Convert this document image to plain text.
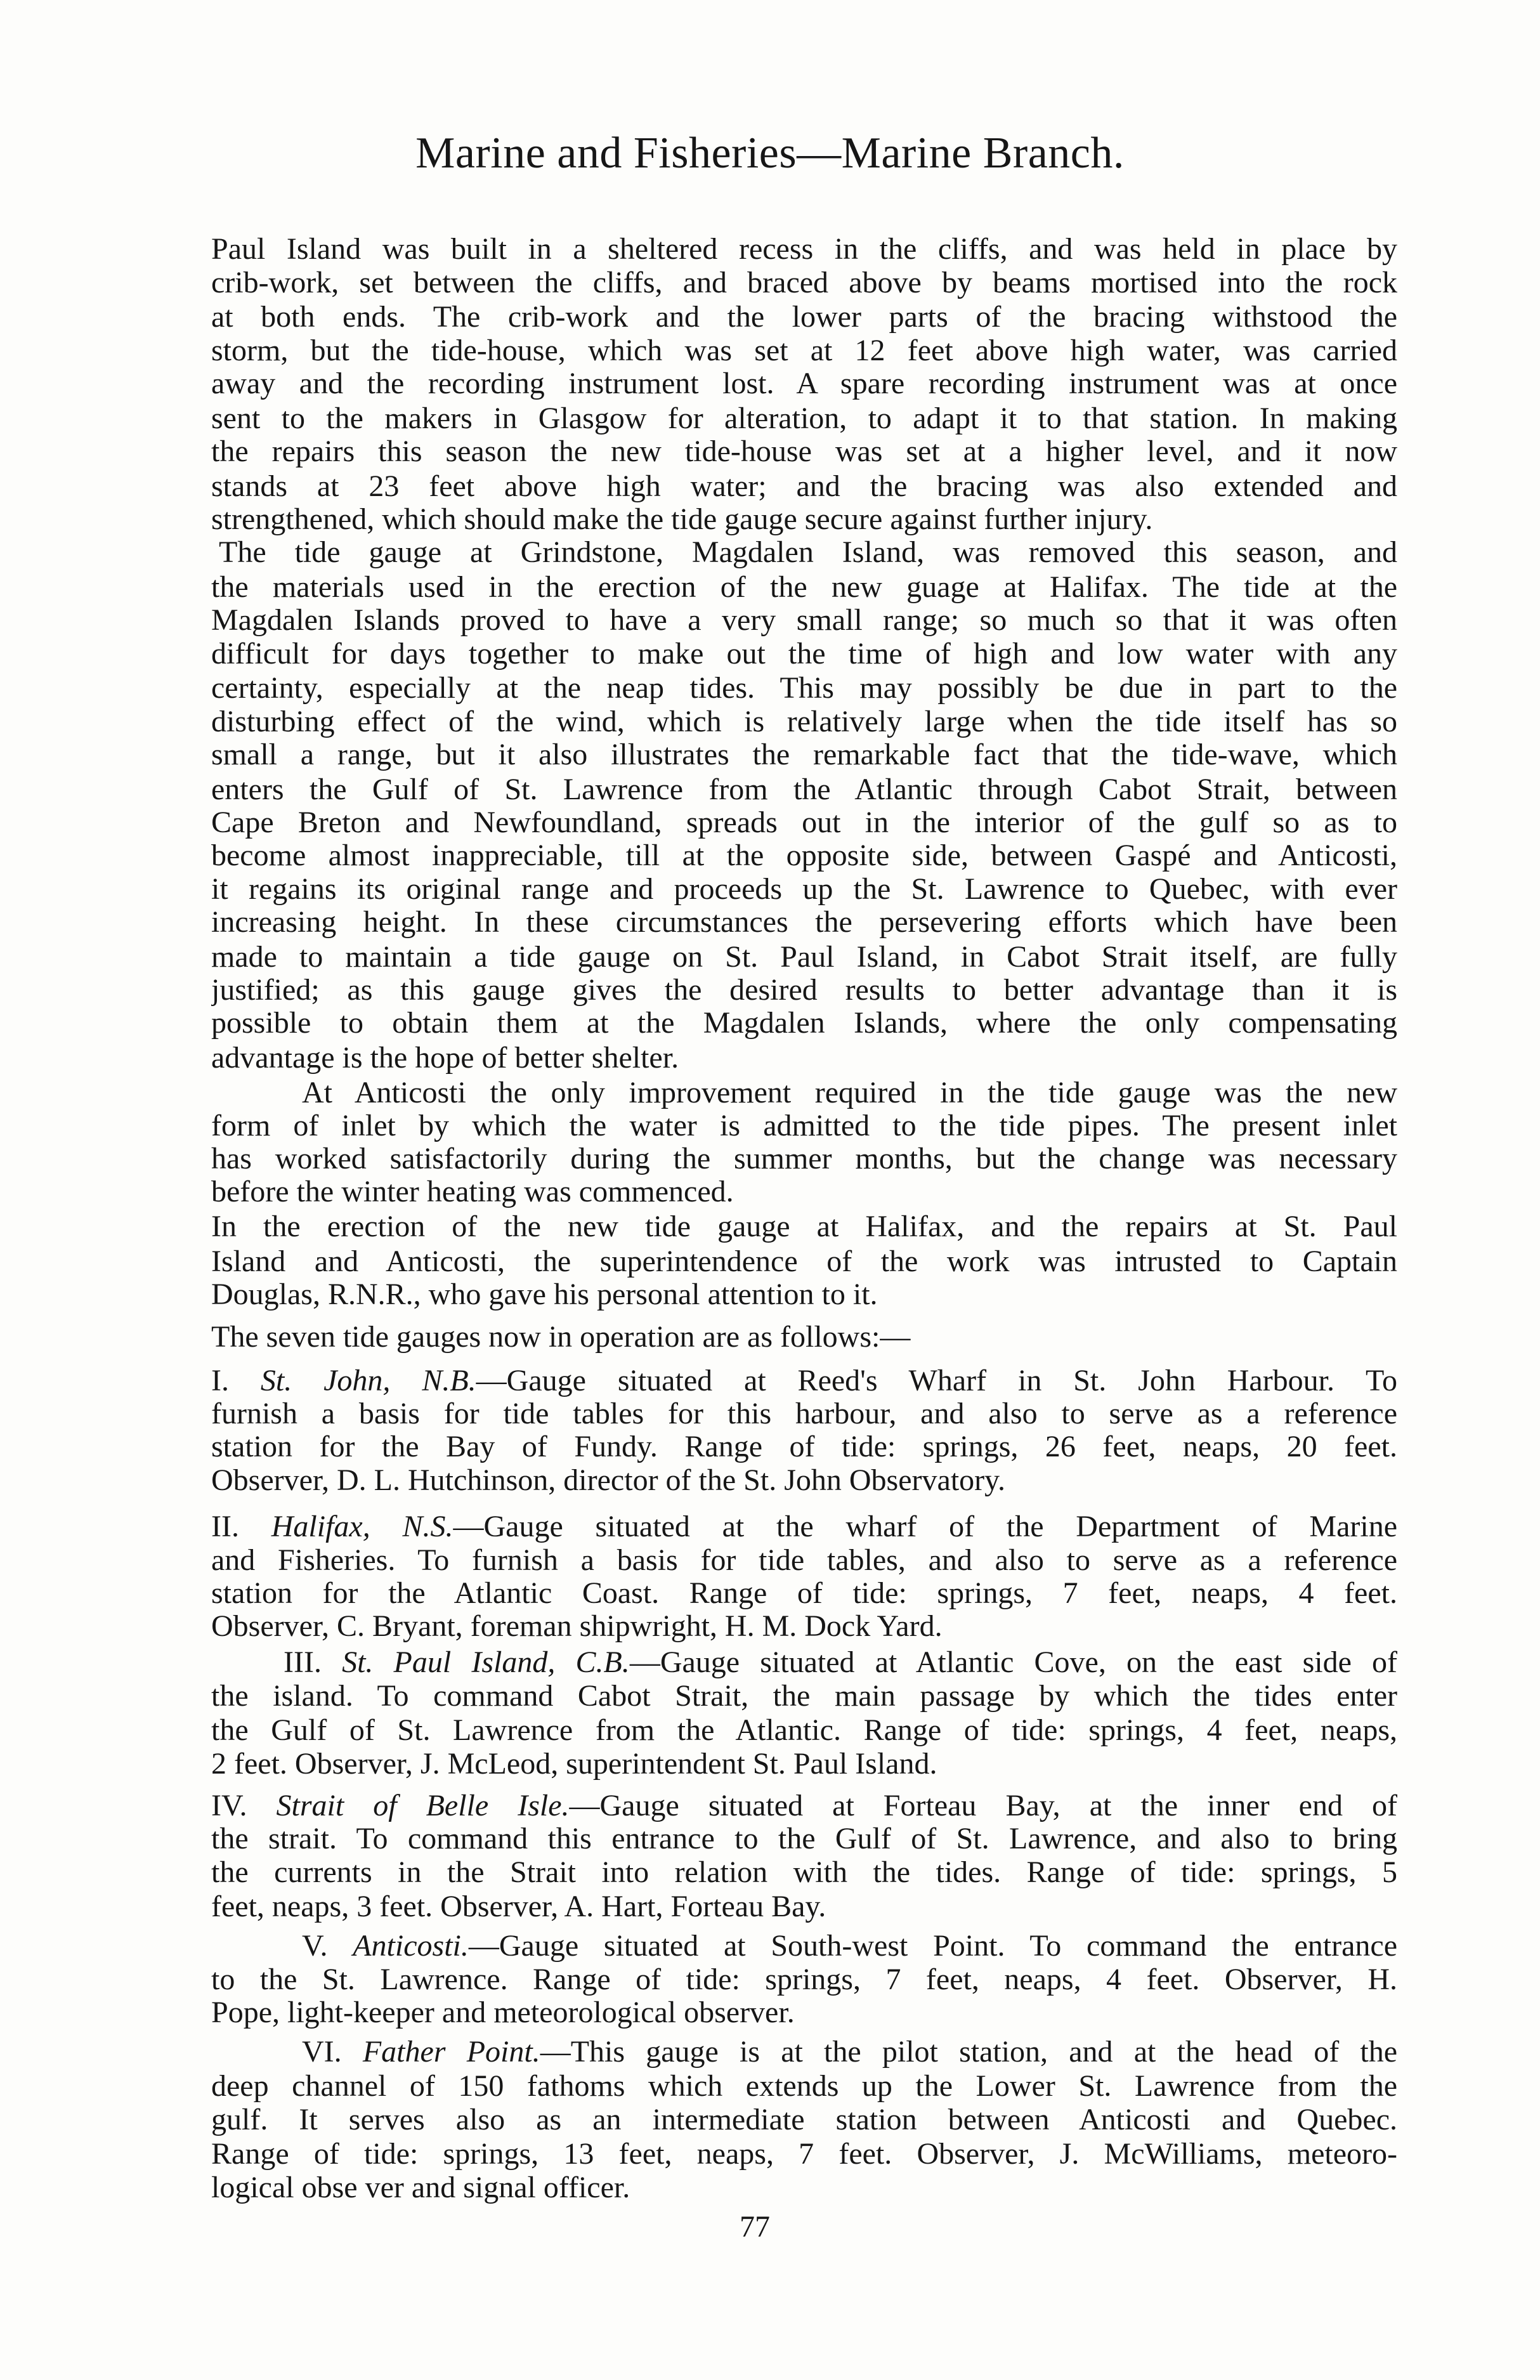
Marine and Fisheries—Marine Branch.
Paul Island was built in a sheltered recess in the cliffs, and was held in place by
crib-work, set between the cliffs, and braced above by beams mortised into the rock
at both ends. The crib-work and the lower parts of the bracing withstood the
storm, but the tide-house, which was set at 12 feet above high water, was carried
away and the recording instrument lost. A spare recording instrument was at once
sent to the makers in Glasgow for alteration, to adapt it to that station. In making
the repairs this season the new tide-house was set at a higher level, and it now
stands at 23 feet above high water; and the bracing was also extended and
strengthened, which should make the tide gauge secure against further injury.
The tide gauge at Grindstone, Magdalen Island, was removed this season, and
the materials used in the erection of the new guage at Halifax. The tide at the
Magdalen Islands proved to have a very small range; so much so that it was often
difficult for days together to make out the time of high and low water with any
certainty, especially at the neap tides. This may possibly be due in part to the
disturbing effect of the wind, which is relatively large when the tide itself has so
small a range, but it also illustrates the remarkable fact that the tide-wave, which
enters the Gulf of St. Lawrence from the Atlantic through Cabot Strait, between
Cape Breton and Newfoundland, spreads out in the interior of the gulf so as to
become almost inappreciable, till at the opposite side, between Gaspé and Anticosti,
it regains its original range and proceeds up the St. Lawrence to Quebec, with ever
increasing height. In these circumstances the persevering efforts which have been
made to maintain a tide gauge on St. Paul Island, in Cabot Strait itself, are fully
justified; as this gauge gives the desired results to better advantage than it is
possible to obtain them at the Magdalen Islands, where the only compensating
advantage is the hope of better shelter.
At Anticosti the only improvement required in the tide gauge was the new
form of inlet by which the water is admitted to the tide pipes. The present inlet
has worked satisfactorily during the summer months, but the change was necessary
before the winter heating was commenced.
In the erection of the new tide gauge at Halifax, and the repairs at St. Paul
Island and Anticosti, the superintendence of the work was intrusted to Captain
Douglas, R.N.R., who gave his personal attention to it.
The seven tide gauges now in operation are as follows:—
I. St. John, N.B.—Gauge situated at Reed's Wharf in St. John Harbour. To
furnish a basis for tide tables for this harbour, and also to serve as a reference
station for the Bay of Fundy. Range of tide: springs, 26 feet, neaps, 20 feet.
Observer, D. L. Hutchinson, director of the St. John Observatory.
II. Halifax, N.S.—Gauge situated at the wharf of the Department of Marine
and Fisheries. To furnish a basis for tide tables, and also to serve as a reference
station for the Atlantic Coast. Range of tide: springs, 7 feet, neaps, 4 feet.
Observer, C. Bryant, foreman shipwright, H. M. Dock Yard.
III. St. Paul Island, C.B.—Gauge situated at Atlantic Cove, on the east side of
the island. To command Cabot Strait, the main passage by which the tides enter
the Gulf of St. Lawrence from the Atlantic. Range of tide: springs, 4 feet, neaps,
2 feet. Observer, J. McLeod, superintendent St. Paul Island.
IV. Strait of Belle Isle.—Gauge situated at Forteau Bay, at the inner end of
the strait. To command this entrance to the Gulf of St. Lawrence, and also to bring
the currents in the Strait into relation with the tides. Range of tide: springs, 5
feet, neaps, 3 feet. Observer, A. Hart, Forteau Bay.
V. Anticosti.—Gauge situated at South-west Point. To command the entrance
to the St. Lawrence. Range of tide: springs, 7 feet, neaps, 4 feet. Observer, H.
Pope, light-keeper and meteorological observer.
VI. Father Point.—This gauge is at the pilot station, and at the head of the
deep channel of 150 fathoms which extends up the Lower St. Lawrence from the
gulf. It serves also as an intermediate station between Anticosti and Quebec.
Range of tide: springs, 13 feet, neaps, 7 feet. Observer, J. McWilliams, meteoro-
logical obse ver and signal officer.
77
